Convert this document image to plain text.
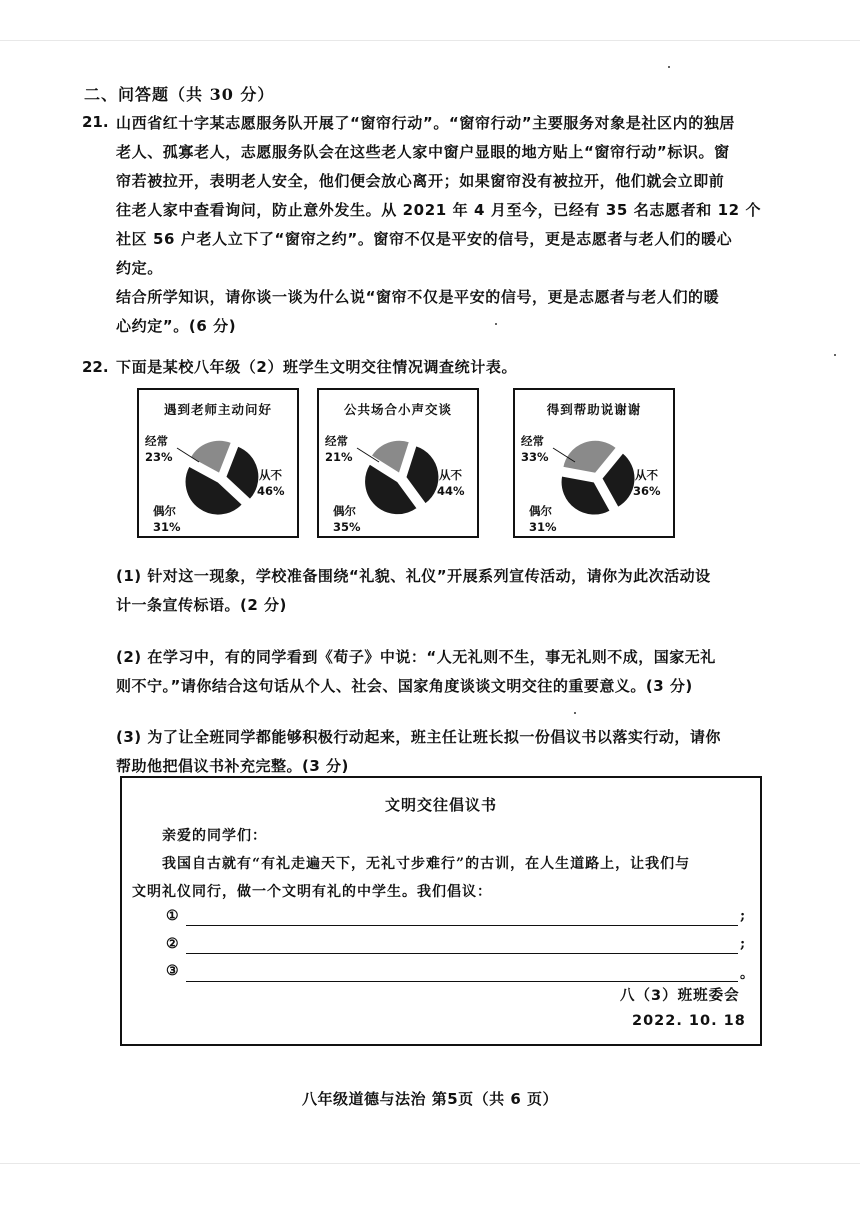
二、问答题（共 30 分）
21. 山西省红十字某志愿服务队开展了“窗帘行动”。“窗帘行动”主要服务对象是社区内的独居

老人、孤寡老人，志愿服务队会在这些老人家中窗户显眼的地方贴上“窗帘行动”标识。窗

帘若被拉开，表明老人安全，他们便会放心离开；如果窗帘没有被拉开，他们就会立即前

往老人家中查看询问，防止意外发生。从 2021 年 4 月至今，已经有 35 名志愿者和 12 个

社区 56 户老人立下了“窗帘之约”。窗帘不仅是平安的信号，更是志愿者与老人们的暖心

约定。

结合所学知识，请你谈一谈为什么说“窗帘不仅是平安的信号，更是志愿者与老人们的暖

心约定”。(6 分)

22. 下面是某校八年级（2）班学生文明交往情况调查统计表。
遇到老师主动问好
经常
23%
偶尔
31%
从不
46%
公共场合小声交谈
经常
21%
偶尔
35%
从不
44%
得到帮助说谢谢
经常
33%
偶尔
31%
从不
36%
(1) 针对这一现象，学校准备围绕“礼貌、礼仪”开展系列宣传活动，请你为此次活动设
计一条宣传标语。(2 分)
(2) 在学习中，有的同学看到《荀子》中说：“人无礼则不生，事无礼则不成，国家无礼
则不宁。”请你结合这句话从个人、社会、国家角度谈谈文明交往的重要意义。(3 分)
(3) 为了让全班同学都能够积极行动起来，班主任让班长拟一份倡议书以落实行动，请你
帮助他把倡议书补充完整。(3 分)
文明交往倡议书
亲爱的同学们：
我国自古就有“有礼走遍天下，无礼寸步难行”的古训，在人生道路上，让我们与
文明礼仪同行，做一个文明有礼的中学生。我们倡议：
①	;
②	;
③	。
八（3）班班委会
2022. 10. 18
八年级道德与法治 第5页（共 6 页）
